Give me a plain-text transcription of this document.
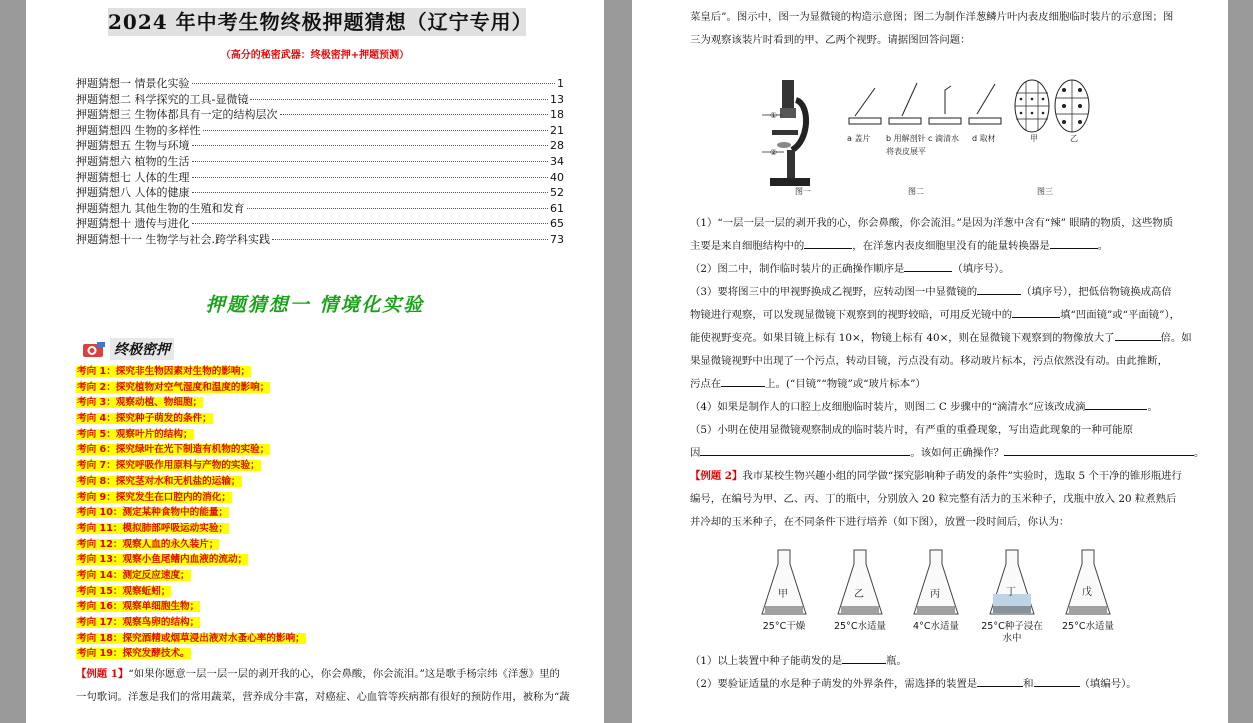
2024 年中考生物终极押题猜想（辽宁专用）
（高分的秘密武器：终极密押+押题预测）
押题猜想一 情景化实验	1
押题猜想二 科学探究的工具-显微镜	13
押题猜想三 生物体都具有一定的结构层次	18
押题猜想四 生物的多样性	21
押题猜想五 生物与环境	28
押题猜想六 植物的生活	34
押题猜想七 人体的生理	40
押题猜想八 人体的健康	52
押题猜想九 其他生物的生殖和发育	61
押题猜想十 遗传与进化	65
押题猜想十一 生物学与社会.跨学科实践	73
押题猜想一 情境化实验
终极密押
考向 1：探究非生物因素对生物的影响；
考向 2：探究植物对空气湿度和温度的影响；
考向 3：观察动植、物细胞；
考向 4：探究种子萌发的条件；
考向 5：观察叶片的结构；
考向 6：探究绿叶在光下制造有机物的实验；
考向 7：探究呼吸作用原料与产物的实验；
考向 8：探究茎对水和无机盐的运输；
考向 9：探究发生在口腔内的消化；
考向 10：测定某种食物中的能量；
考向 11：模拟肺部呼吸运动实验；
考向 12：观察人血的永久装片；
考向 13：观察小鱼尾鳍内血液的流动；
考向 14：测定反应速度；
考向 15：观察蚯蚓；
考向 16：观察单细胞生物；
考向 17：观察鸟卵的结构；
考向 18：探究酒精或烟草浸出液对水蚤心率的影响；
考向 19：探究发酵技术。
【例题 1】“如果你愿意一层一层一层的剥开我的心，你会鼻酸，你会流泪。”这是歌手杨宗纬《洋葱》里的
一句歌词。洋葱是我们的常用蔬菜，营养成分丰富，对癌症、心血管等疾病都有很好的预防作用，被称为“蔬
菜皇后”。图示中，图一为显微镜的构造示意图；图二为制作洋葱鳞片叶内表皮细胞临时装片的示意图；图
三为观察该装片时看到的甲、乙两个视野。请据图回答问题：
①
②
a 盖片 b 用解剖针
将表皮展平
c 滴清水 d 取材	甲	乙
图一	图二	图三
（1）“一层一层一层的剥开我的心，你会鼻酸，你会流泪。”是因为洋葱中含有“辣” 眼睛的物质，这些物质
主要是来自细胞结构中的	，在洋葱内表皮细胞里没有的能量转换器是	。
（2）图二中，制作临时装片的正确操作顺序是	（填序号）。
（3）要将图三中的甲视野换成乙视野，应转动图一中显微镜的	（填序号），把低倍物镜换成高倍
物镜进行观察，可以发现显微镜下观察到的视野较暗，可用反光镜中的	填“凹面镜”或“平面镜”），
能使视野变亮。如果目镜上标有 10×，物镜上标有 40×，则在显微镜下观察到的物像放大了	倍。如
果显微镜视野中出现了一个污点，转动目镜，污点没有动。移动玻片标本，污点依然没有动。由此推断，
污点在	上。(“目镜”“物镜”或“玻片标本”）
（4）如果是制作人的口腔上皮细胞临时装片，则图二 C 步骤中的“滴清水”应该改成滴	。
（5）小明在使用显微镜观察制成的临时装片时，有严重的重叠现象，写出造此现象的一种可能原
因	。该如何正确操作？	。
【例题 2】我市某校生物兴趣小组的同学做“探究影响种子萌发的条件”实验时，选取 5 个干净的锥形瓶进行
编号，在编号为甲、乙、丙、丁的瓶中，分别放入 20 粒完整有活力的玉米种子，戊瓶中放入 20 粒煮熟后
并冷却的玉米种子，在不同条件下进行培养（如下图），放置一段时间后，你认为：
甲	乙	丙	丁	戊
25°C干燥	25°C水适量	4°C水适量	25°C种子浸在水中
25°C水适量
（1）以上装置中种子能萌发的是	瓶。
（2）要验证适量的水是种子萌发的外界条件，需选择的装置是	和	（填编号）。
